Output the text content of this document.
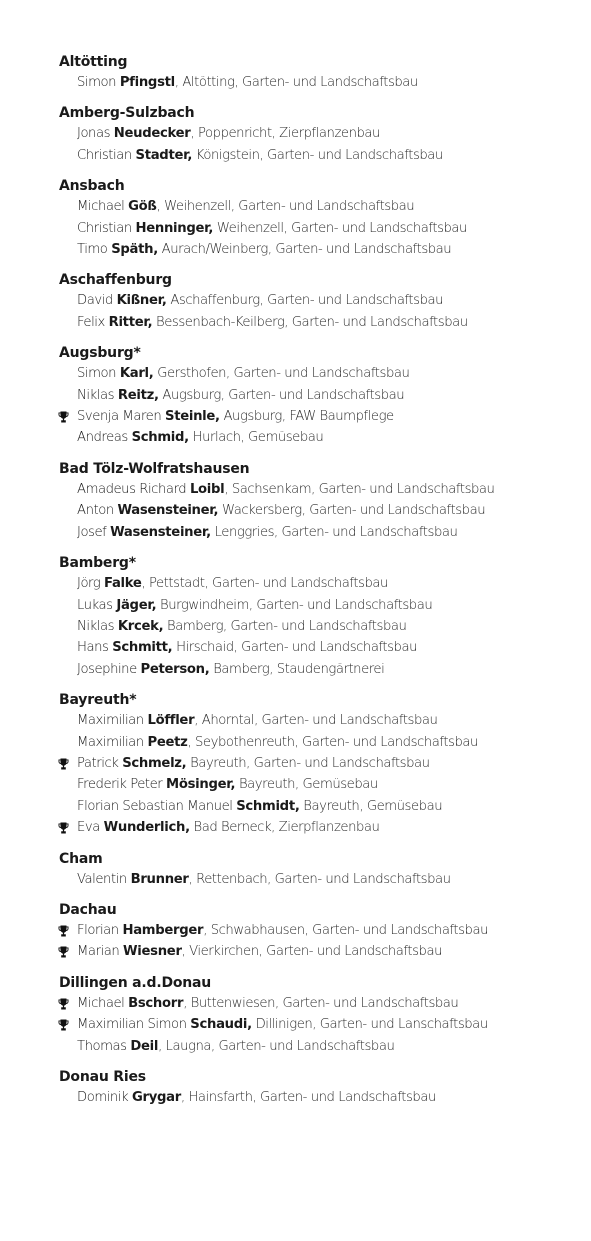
Altötting
Simon Pfingstl, Altötting, Garten- und Landschaftsbau
Amberg-Sulzbach
Jonas Neudecker, Poppenricht, Zierpflanzenbau
Christian Stadter, Königstein, Garten- und Landschaftsbau
Ansbach
Michael Göß, Weihenzell, Garten- und Landschaftsbau
Christian Henninger, Weihenzell, Garten- und Landschaftsbau
Timo Späth, Aurach/Weinberg, Garten- und Landschaftsbau
Aschaffenburg
David Kißner, Aschaffenburg, Garten- und Landschaftsbau
Felix Ritter, Bessenbach-Keilberg, Garten- und Landschaftsbau
Augsburg*
Simon Karl, Gersthofen, Garten- und Landschaftsbau
Niklas Reitz, Augsburg, Garten- und Landschaftsbau
Svenja Maren Steinle, Augsburg, FAW Baumpflege
Andreas Schmid, Hurlach, Gemüsebau
Bad Tölz-Wolfratshausen
Amadeus Richard Loibl, Sachsenkam, Garten- und Landschaftsbau
Anton Wasensteiner, Wackersberg, Garten- und Landschaftsbau
Josef Wasensteiner, Lenggries, Garten- und Landschaftsbau
Bamberg*
Jörg Falke, Pettstadt, Garten- und Landschaftsbau
Lukas Jäger, Burgwindheim, Garten- und Landschaftsbau
Niklas Krcek, Bamberg, Garten- und Landschaftsbau
Hans Schmitt, Hirschaid, Garten- und Landschaftsbau
Josephine Peterson, Bamberg, Staudengärtnerei
Bayreuth*
Maximilian Löffler, Ahorntal, Garten- und Landschaftsbau
Maximilian Peetz, Seybothenreuth, Garten- und Landschaftsbau
Patrick Schmelz, Bayreuth, Garten- und Landschaftsbau
Frederik Peter Mösinger, Bayreuth, Gemüsebau
Florian Sebastian Manuel Schmidt, Bayreuth, Gemüsebau
Eva Wunderlich, Bad Berneck, Zierpflanzenbau
Cham
Valentin Brunner, Rettenbach, Garten- und Landschaftsbau
Dachau
Florian Hamberger, Schwabhausen, Garten- und Landschaftsbau
Marian Wiesner, Vierkirchen, Garten- und Landschaftsbau
Dillingen a.d.Donau
Michael Bschorr, Buttenwiesen, Garten- und Landschaftsbau
Maximilian Simon Schaudi, Dillinigen, Garten- und Lanschaftsbau
Thomas Deil, Laugna, Garten- und Landschaftsbau
Donau Ries
Dominik Grygar, Hainsfarth, Garten- und Landschaftsbau
